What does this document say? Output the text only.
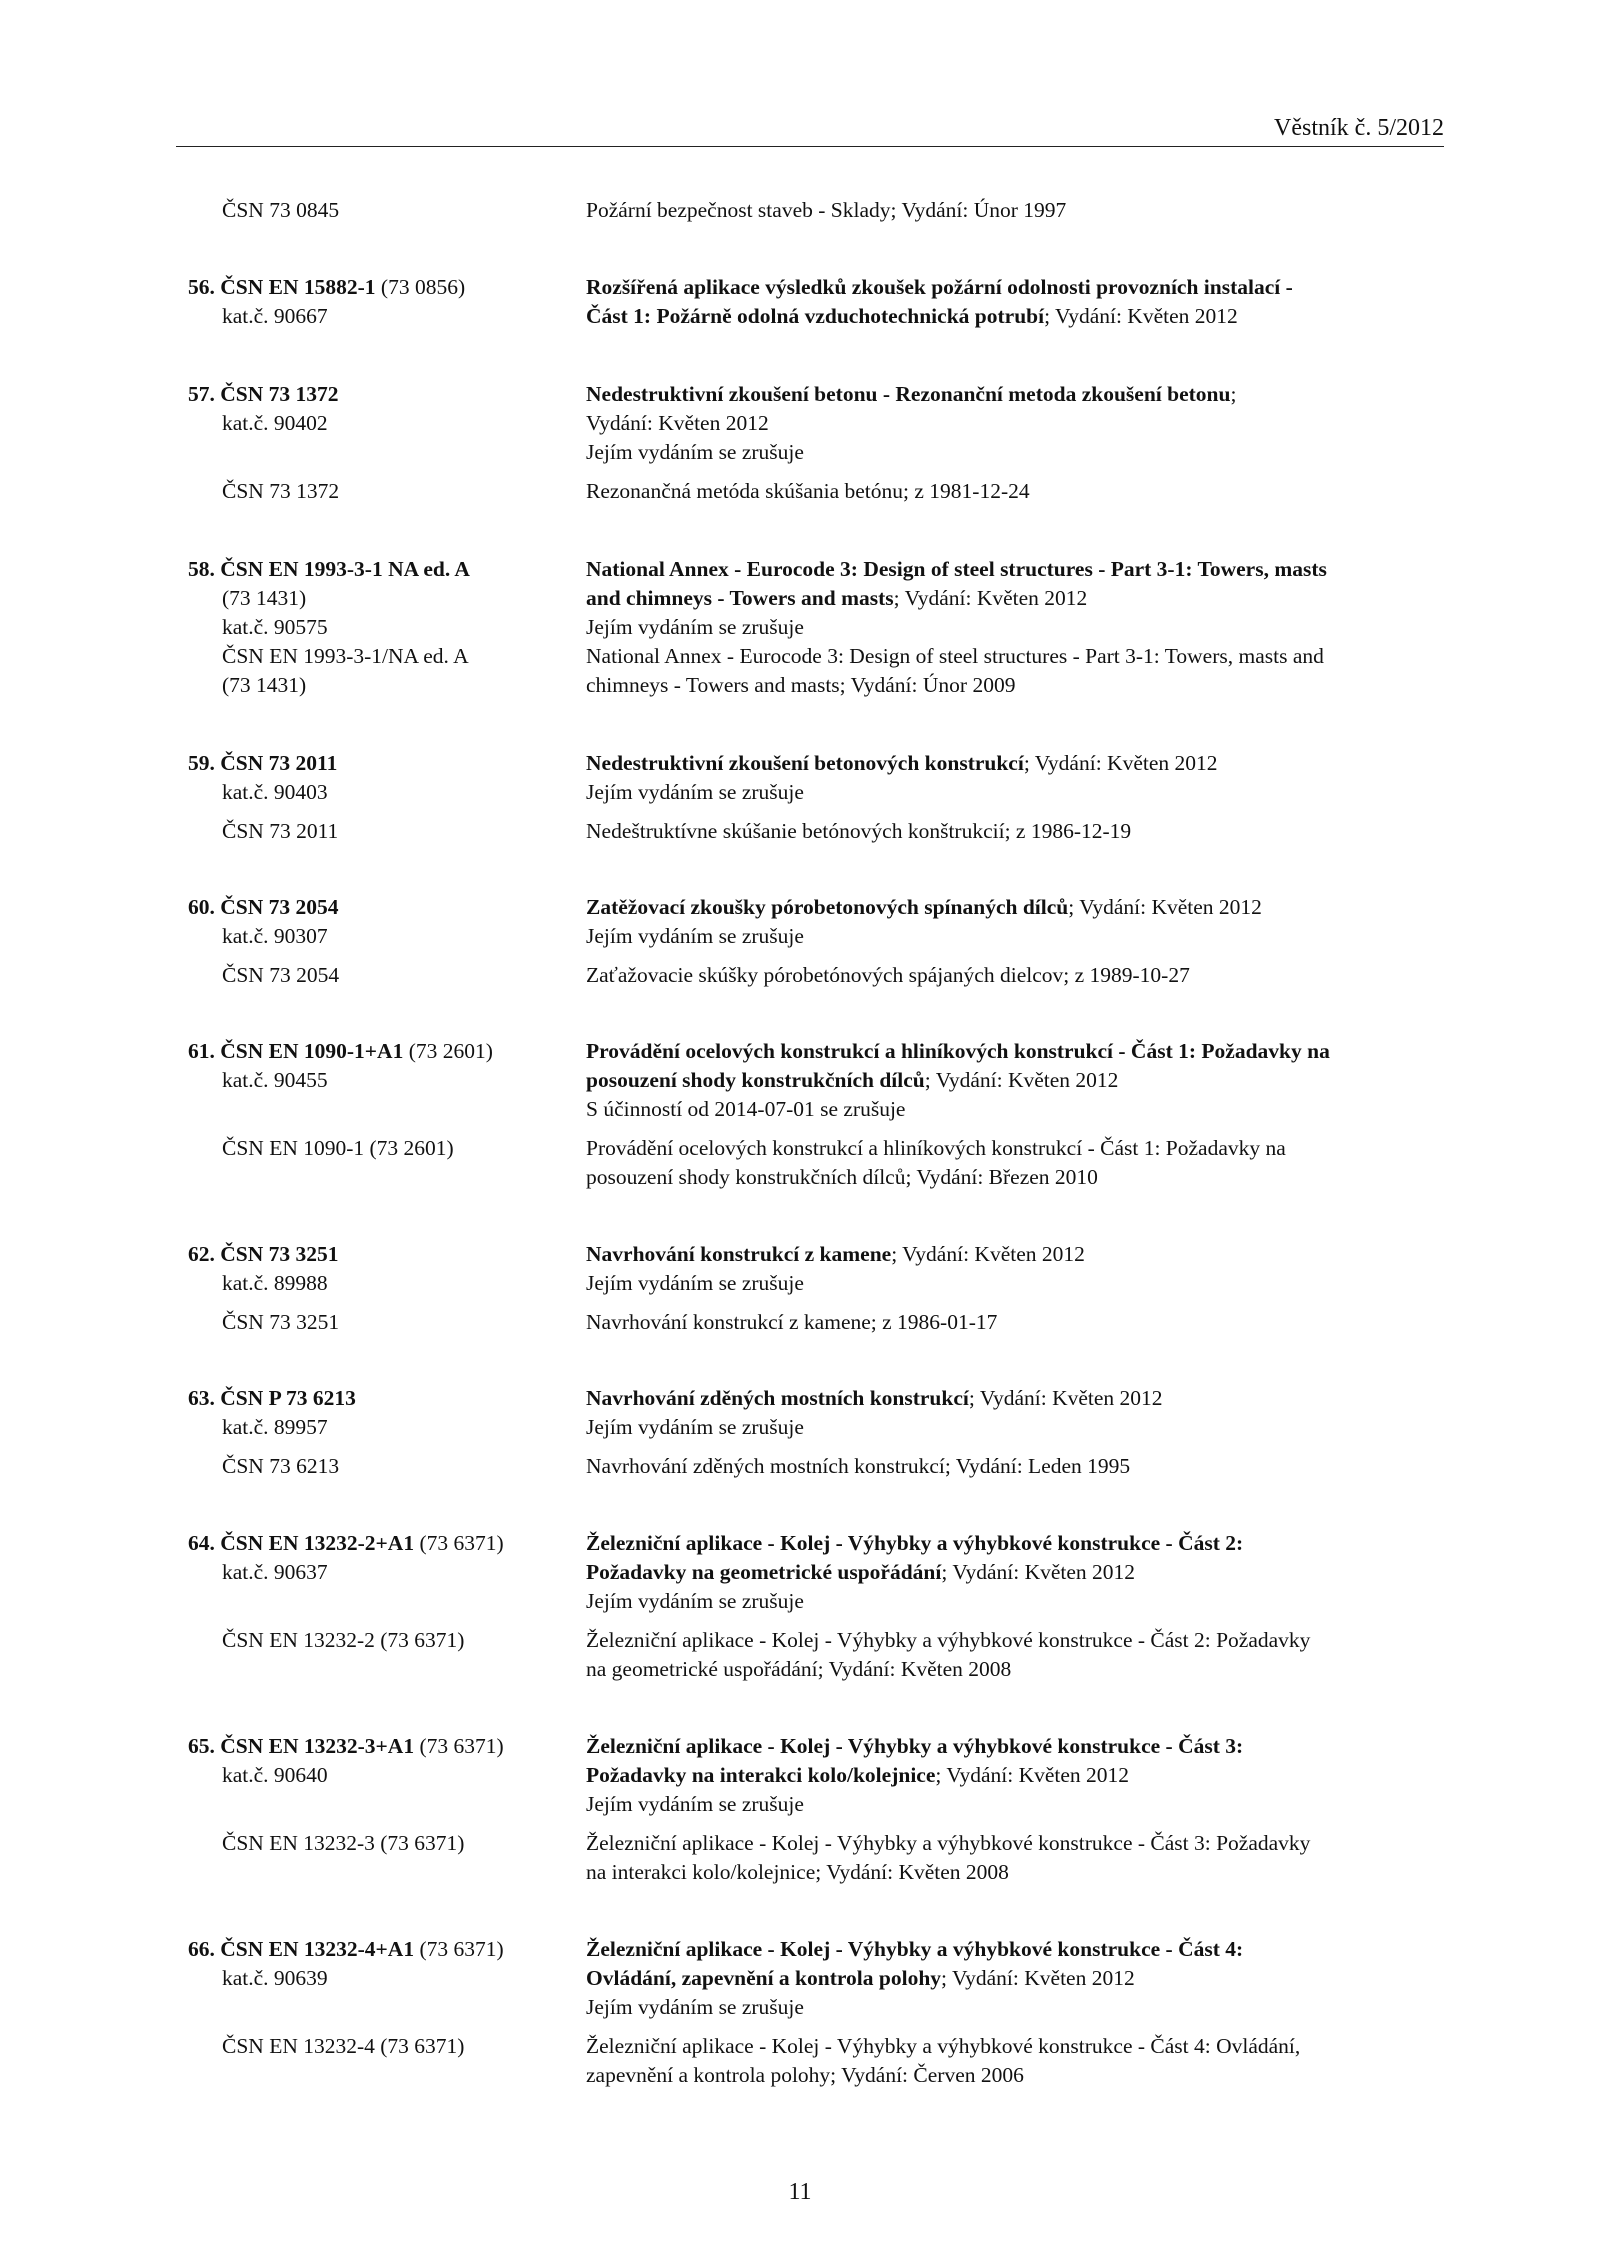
Věstník č. 5/2012
ČSN 73 0845	Požární bezpečnost staveb - Sklady; Vydání: Únor 1997
56. ČSN EN 15882-1 (73 0856)	Rozšířená aplikace výsledků zkoušek požární odolnosti provozních instalací -
kat.č. 90667	Část 1: Požárně odolná vzduchotechnická potrubí; Vydání: Květen 2012
57. ČSN 73 1372	Nedestruktivní zkoušení betonu - Rezonanční metoda zkoušení betonu;
kat.č. 90402	Vydání: Květen 2012
Jejím vydáním se zrušuje
ČSN 73 1372	Rezonančná metóda skúšania betónu; z 1981-12-24
58. ČSN EN 1993-3-1 NA ed. A	National Annex - Eurocode 3: Design of steel structures - Part 3-1: Towers, masts
(73 1431)	and chimneys - Towers and masts; Vydání: Květen 2012
kat.č. 90575	Jejím vydáním se zrušuje
ČSN EN 1993-3-1/NA ed. A	National Annex - Eurocode 3: Design of steel structures - Part 3-1: Towers, masts and
(73 1431)	chimneys - Towers and masts; Vydání: Únor 2009
59. ČSN 73 2011	Nedestruktivní zkoušení betonových konstrukcí; Vydání: Květen 2012
kat.č. 90403	Jejím vydáním se zrušuje
ČSN 73 2011	Nedeštruktívne skúšanie betónových konštrukcií; z 1986-12-19
60. ČSN 73 2054	Zatěžovací zkoušky pórobetonových spínaných dílců; Vydání: Květen 2012
kat.č. 90307	Jejím vydáním se zrušuje
ČSN 73 2054	Zaťažovacie skúšky pórobetónových spájaných dielcov; z 1989-10-27
61. ČSN EN 1090-1+A1 (73 2601)	Provádění ocelových konstrukcí a hliníkových konstrukcí - Část 1: Požadavky na
kat.č. 90455	posouzení shody konstrukčních dílců; Vydání: Květen 2012
S účinností od 2014-07-01 se zrušuje
ČSN EN 1090-1 (73 2601)	Provádění ocelových konstrukcí a hliníkových konstrukcí - Část 1: Požadavky na
posouzení shody konstrukčních dílců; Vydání: Březen 2010
62. ČSN 73 3251	Navrhování konstrukcí z kamene; Vydání: Květen 2012
kat.č. 89988	Jejím vydáním se zrušuje
ČSN 73 3251	Navrhování konstrukcí z kamene; z 1986-01-17
63. ČSN P 73 6213	Navrhování zděných mostních konstrukcí; Vydání: Květen 2012
kat.č. 89957	Jejím vydáním se zrušuje
ČSN 73 6213	Navrhování zděných mostních konstrukcí; Vydání: Leden 1995
64. ČSN EN 13232-2+A1 (73 6371)	Železniční aplikace - Kolej - Výhybky a výhybkové konstrukce - Část 2:
kat.č. 90637	Požadavky na geometrické uspořádání; Vydání: Květen 2012
Jejím vydáním se zrušuje
ČSN EN 13232-2 (73 6371)	Železniční aplikace - Kolej - Výhybky a výhybkové konstrukce - Část 2: Požadavky
na geometrické uspořádání; Vydání: Květen 2008
65. ČSN EN 13232-3+A1 (73 6371)	Železniční aplikace - Kolej - Výhybky a výhybkové konstrukce - Část 3:
kat.č. 90640	Požadavky na interakci kolo/kolejnice; Vydání: Květen 2012
Jejím vydáním se zrušuje
ČSN EN 13232-3 (73 6371)	Železniční aplikace - Kolej - Výhybky a výhybkové konstrukce - Část 3: Požadavky
na interakci kolo/kolejnice; Vydání: Květen 2008
66. ČSN EN 13232-4+A1 (73 6371)	Železniční aplikace - Kolej - Výhybky a výhybkové konstrukce - Část 4:
kat.č. 90639	Ovládání, zapevnění a kontrola polohy; Vydání: Květen 2012
Jejím vydáním se zrušuje
ČSN EN 13232-4 (73 6371)	Železniční aplikace - Kolej - Výhybky a výhybkové konstrukce - Část 4: Ovládání,
zapevnění a kontrola polohy; Vydání: Červen 2006
11
